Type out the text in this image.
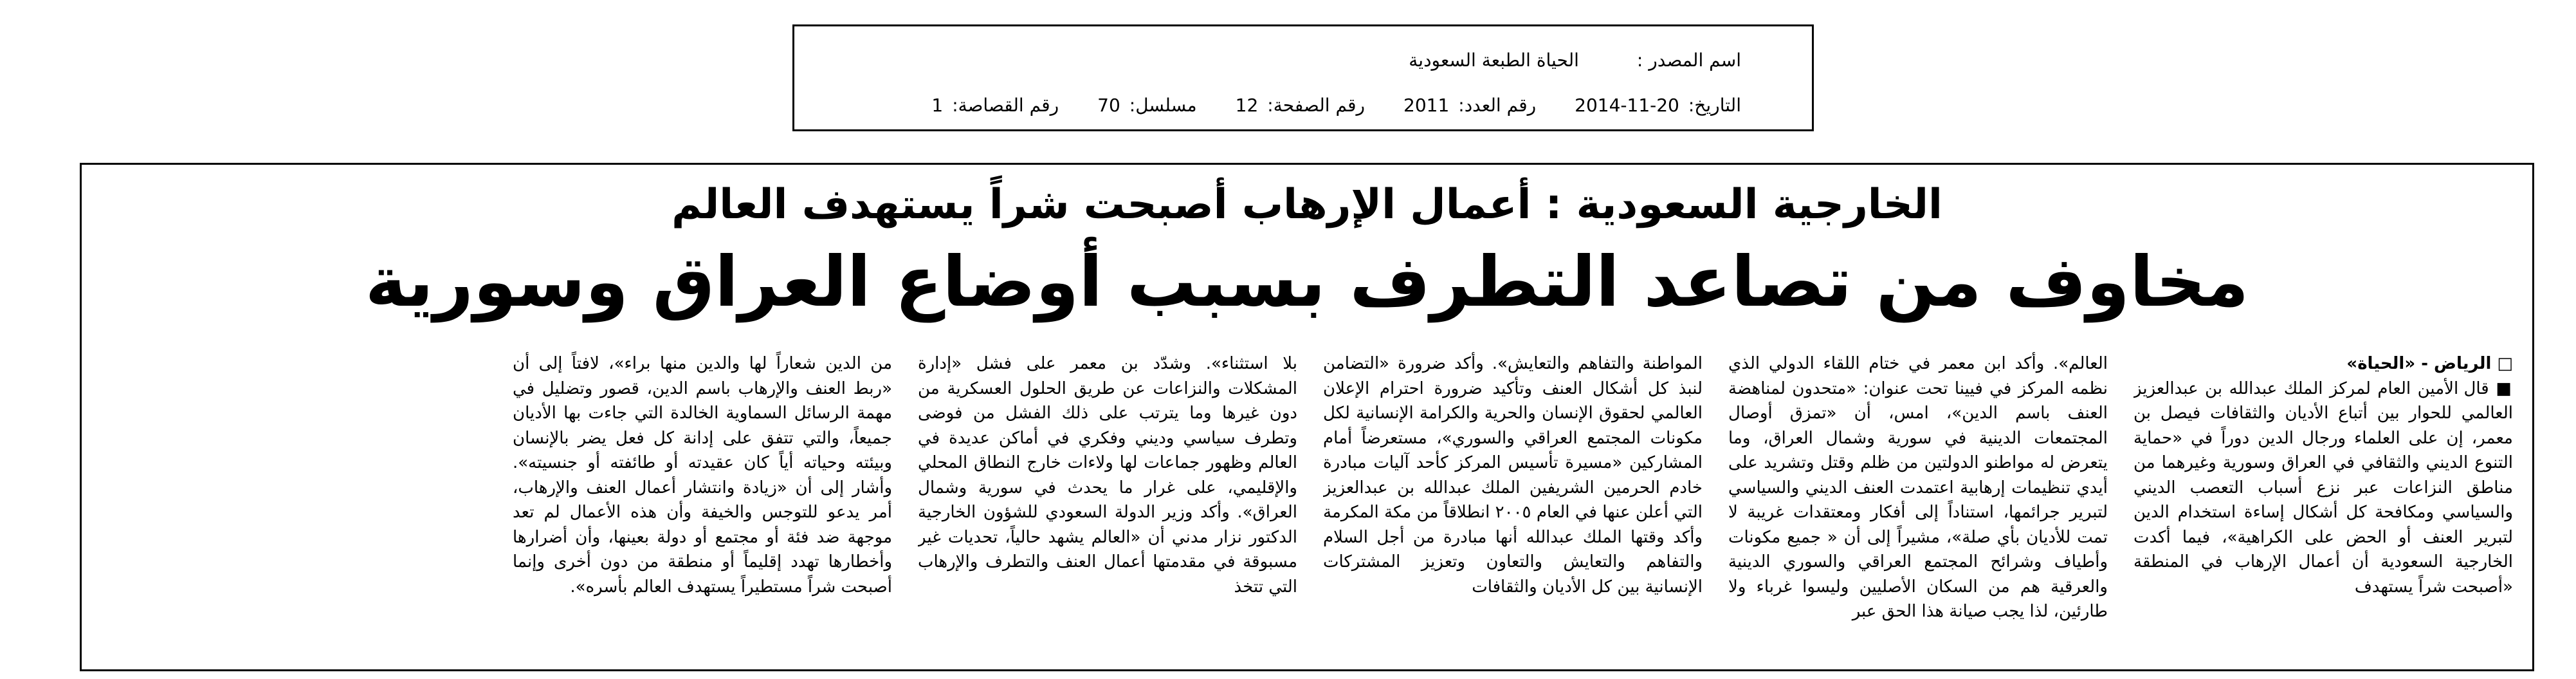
اسم المصدر :
الحياة الطبعة السعودية
التاريخ:
2014-11-20
رقم العدد:
2011
رقم الصفحة:
12
مسلسل:
70
رقم القصاصة:
1
الخارجية السعودية : أعمال الإرهاب أصبحت شراً يستهدف العالم
مخاوف من تصاعد التطرف بسبب أوضاع العراق وسورية

□ الرياض - «الحياة»

■ قال الأمين العام لمركز الملك عبدالله بن عبدالعزيز العالمي للحوار بين أتباع الأديان والثقافات فيصل بن معمر، إن على العلماء ورجال الدين دوراً في «حماية التنوع الديني والثقافي في العراق وسورية وغيرهما من مناطق النزاعات عبر نزع أسباب التعصب الديني والسياسي ومكافحة كل أشكال إساءة استخدام الدين لتبرير العنف أو الحض على الكراهية»، فيما أكدت الخارجية السعودية أن أعمال الإرهاب في المنطقة «أصبحت شراً يستهدف

العالم». وأكد ابن معمر في ختام اللقاء الدولي الذي نظمه المركز في فيينا تحت عنوان: «متحدون لمناهضة العنف باسم الدين»، امس، أن «تمزق أوصال المجتمعات الدينية في سورية وشمال العراق، وما يتعرض له مواطنو الدولتين من ظلم وقتل وتشريد على أيدي تنظيمات إرهابية اعتمدت العنف الديني والسياسي لتبرير جرائمها، استناداً إلى أفكار ومعتقدات غريبة لا تمت للأديان بأي صلة»، مشيراً إلى أن « جميع مكونات وأطياف وشرائح المجتمع العراقي والسوري الدينية والعرقية هم من السكان الأصليين وليسوا غرباء ولا طارئين، لذا يجب صيانة هذا الحق عبر

المواطنة والتفاهم والتعايش». وأكد ضرورة «التضامن لنبذ كل أشكال العنف وتأكيد ضرورة احترام الإعلان العالمي لحقوق الإنسان والحرية والكرامة الإنسانية لكل مكونات المجتمع العراقي والسوري»، مستعرضاً أمام المشاركين «مسيرة تأسيس المركز كأحد آليات مبادرة خادم الحرمين الشريفين الملك عبدالله بن عبدالعزيز التي أعلن عنها في العام ٢٠٠٥ انطلاقاً من مكة المكرمة وأكد وقتها الملك عبدالله أنها مبادرة من أجل السلام والتفاهم والتعايش والتعاون وتعزيز المشتركات الإنسانية بين كل الأديان والثقافات

بلا استثناء». وشدّد بن معمر على فشل «إدارة المشكلات والنزاعات عن طريق الحلول العسكرية من دون غيرها وما يترتب على ذلك الفشل من فوضى وتطرف سياسي وديني وفكري في أماكن عديدة في العالم وظهور جماعات لها ولاءات خارج النطاق المحلي والإقليمي، على غرار ما يحدث في سورية وشمال العراق». وأكد وزير الدولة السعودي للشؤون الخارجية الدكتور نزار مدني أن «العالم يشهد حالياً، تحديات غير مسبوقة في مقدمتها أعمال العنف والتطرف والإرهاب التي تتخذ

من الدين شعاراً لها والدين منها براء»، لافتاً إلى أن «ربط العنف والإرهاب باسم الدين، قصور وتضليل في مهمة الرسائل السماوية الخالدة التي جاءت بها الأديان جميعاً، والتي تتفق على إدانة كل فعل يضر بالإنسان وبيئته وحياته أياً كان عقيدته أو طائفته أو جنسيته». وأشار إلى أن «زيادة وانتشار أعمال العنف والإرهاب، أمر يدعو للتوجس والخيفة وأن هذه الأعمال لم تعد موجهة ضد فئة أو مجتمع أو دولة بعينها، وأن أضرارها وأخطارها تهدد إقليماً أو منطقة من دون أخرى وإنما أصبحت شراً مستطيراً يستهدف العالم بأسره».
